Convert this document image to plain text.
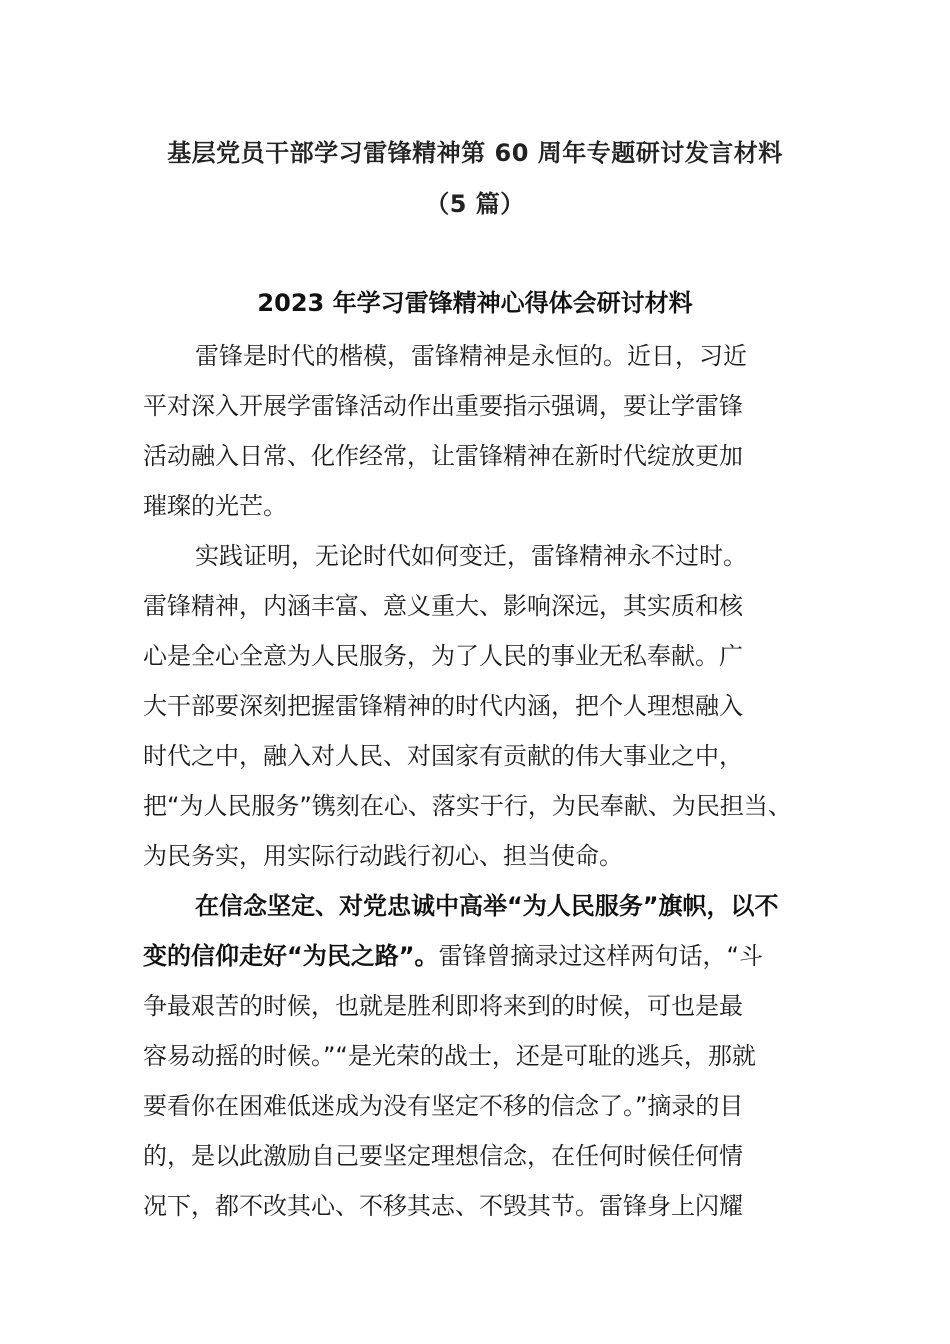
基层党员干部学习雷锋精神第 60 周年专题研讨发言材料
（5 篇）
2023 年学习雷锋精神心得体会研讨材料
雷锋是时代的楷模，雷锋精神是永恒的。近日，习近
平对深入开展学雷锋活动作出重要指示强调，要让学雷锋
活动融入日常、化作经常，让雷锋精神在新时代绽放更加
璀璨的光芒。
实践证明，无论时代如何变迁，雷锋精神永不过时。
雷锋精神，内涵丰富、意义重大、影响深远，其实质和核
心是全心全意为人民服务，为了人民的事业无私奉献。广
大干部要深刻把握雷锋精神的时代内涵，把个人理想融入
时代之中，融入对人民、对国家有贡献的伟大事业之中，
把“为人民服务”镌刻在心、落实于行，为民奉献、为民担当、
为民务实，用实际行动践行初心、担当使命。
在信念坚定、对党忠诚中高举“为人民服务”旗帜，以不
变的信仰走好“为民之路”。雷锋曾摘录过这样两句话，“斗
争最艰苦的时候，也就是胜利即将来到的时候，可也是最
容易动摇的时候。”“是光荣的战士，还是可耻的逃兵，那就
要看你在困难低迷成为没有坚定不移的信念了。”摘录的目
的，是以此激励自己要坚定理想信念，在任何时候任何情
况下，都不改其心、不移其志、不毁其节。雷锋身上闪耀
